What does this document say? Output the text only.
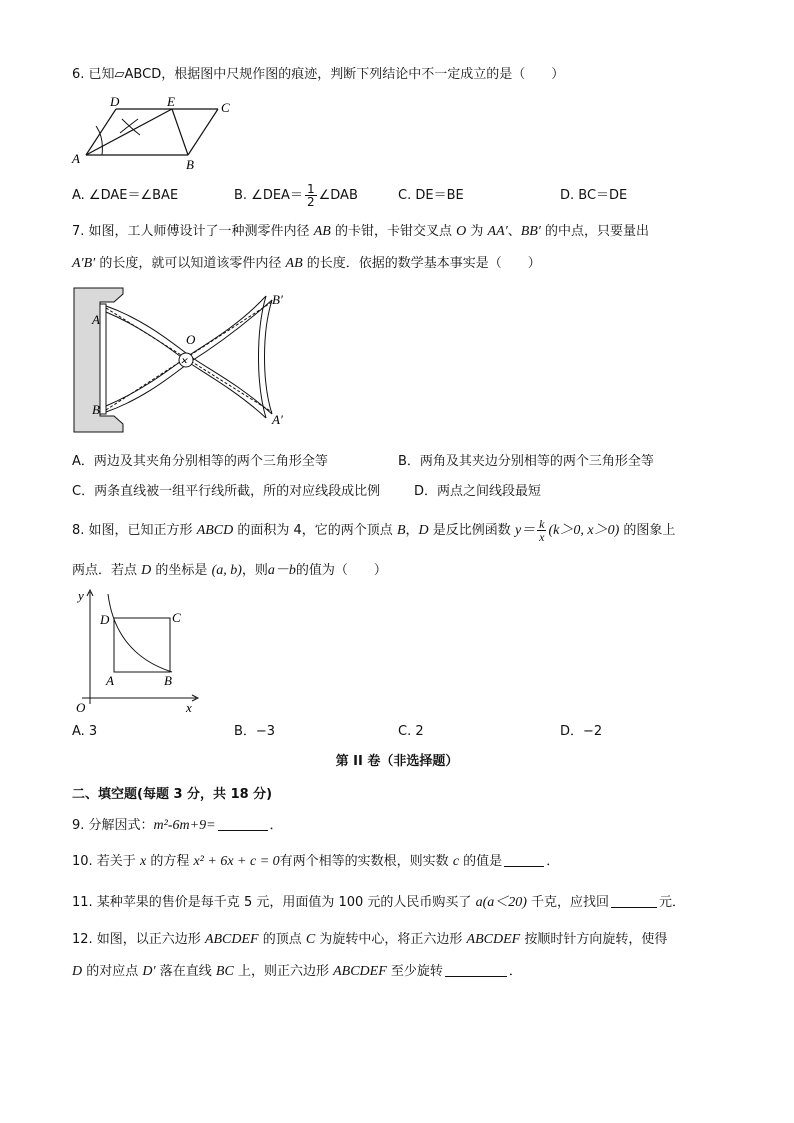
6. 已知▱ABCD，根据图中尺规作图的痕迹，判断下列结论中不一定成立的是（　　）
D	E	C
A	B
A. ∠DAE＝∠BAE	B. ∠DEA＝ $\frac{1}{2}$ ∠DAB	C. DE＝BE	D. BC＝DE
7. 如图，工人师傅设计了一种测零件内径 AB 的卡钳，卡钳交叉点 O 为 AA′、BB′ 的中点，只要量出
A′B′ 的长度，就可以知道该零件内径 AB 的长度．依据的数学基本事实是（　　）
✕
A
B
O
B′
A′
A．两边及其夹角分别相等的两个三角形全等	B．两角及其夹边分别相等的两个三角形全等
C．两条直线被一组平行线所截，所的对应线段成比例	D．两点之间线段最短
8. 如图，已知正方形 ABCD 的面积为 4，它的两个顶点 B，D 是反比例函数 $y= \frac{k}{x} (k>0$, x＞0) 的图象上
两点．若点 D 的坐标是 (a, b)，则a－b的值为（　　）
y
x
O
D	C
A	B
A. 3	B．−3	C. 2	D．−2
第 II 卷（非选择题）
二、填空题(每题 3 分，共 18 分)
9. 分解因式：m²-6m+9=	．
10. 若关于 x 的方程 x² + 6x + c = 0有两个相等的实数根，则实数 c 的值是	．
11. 某种苹果的售价是每千克 5 元，用面值为 100 元的人民币购买了 a(a＜20) 千克，应找回	元．
12. 如图，以正六边形 ABCDEF 的顶点 C 为旋转中心，将正六边形 ABCDEF 按顺时针方向旋转，使得
D 的对应点 D′ 落在直线 BC 上，则正六边形 ABCDEF 至少旋转	．
